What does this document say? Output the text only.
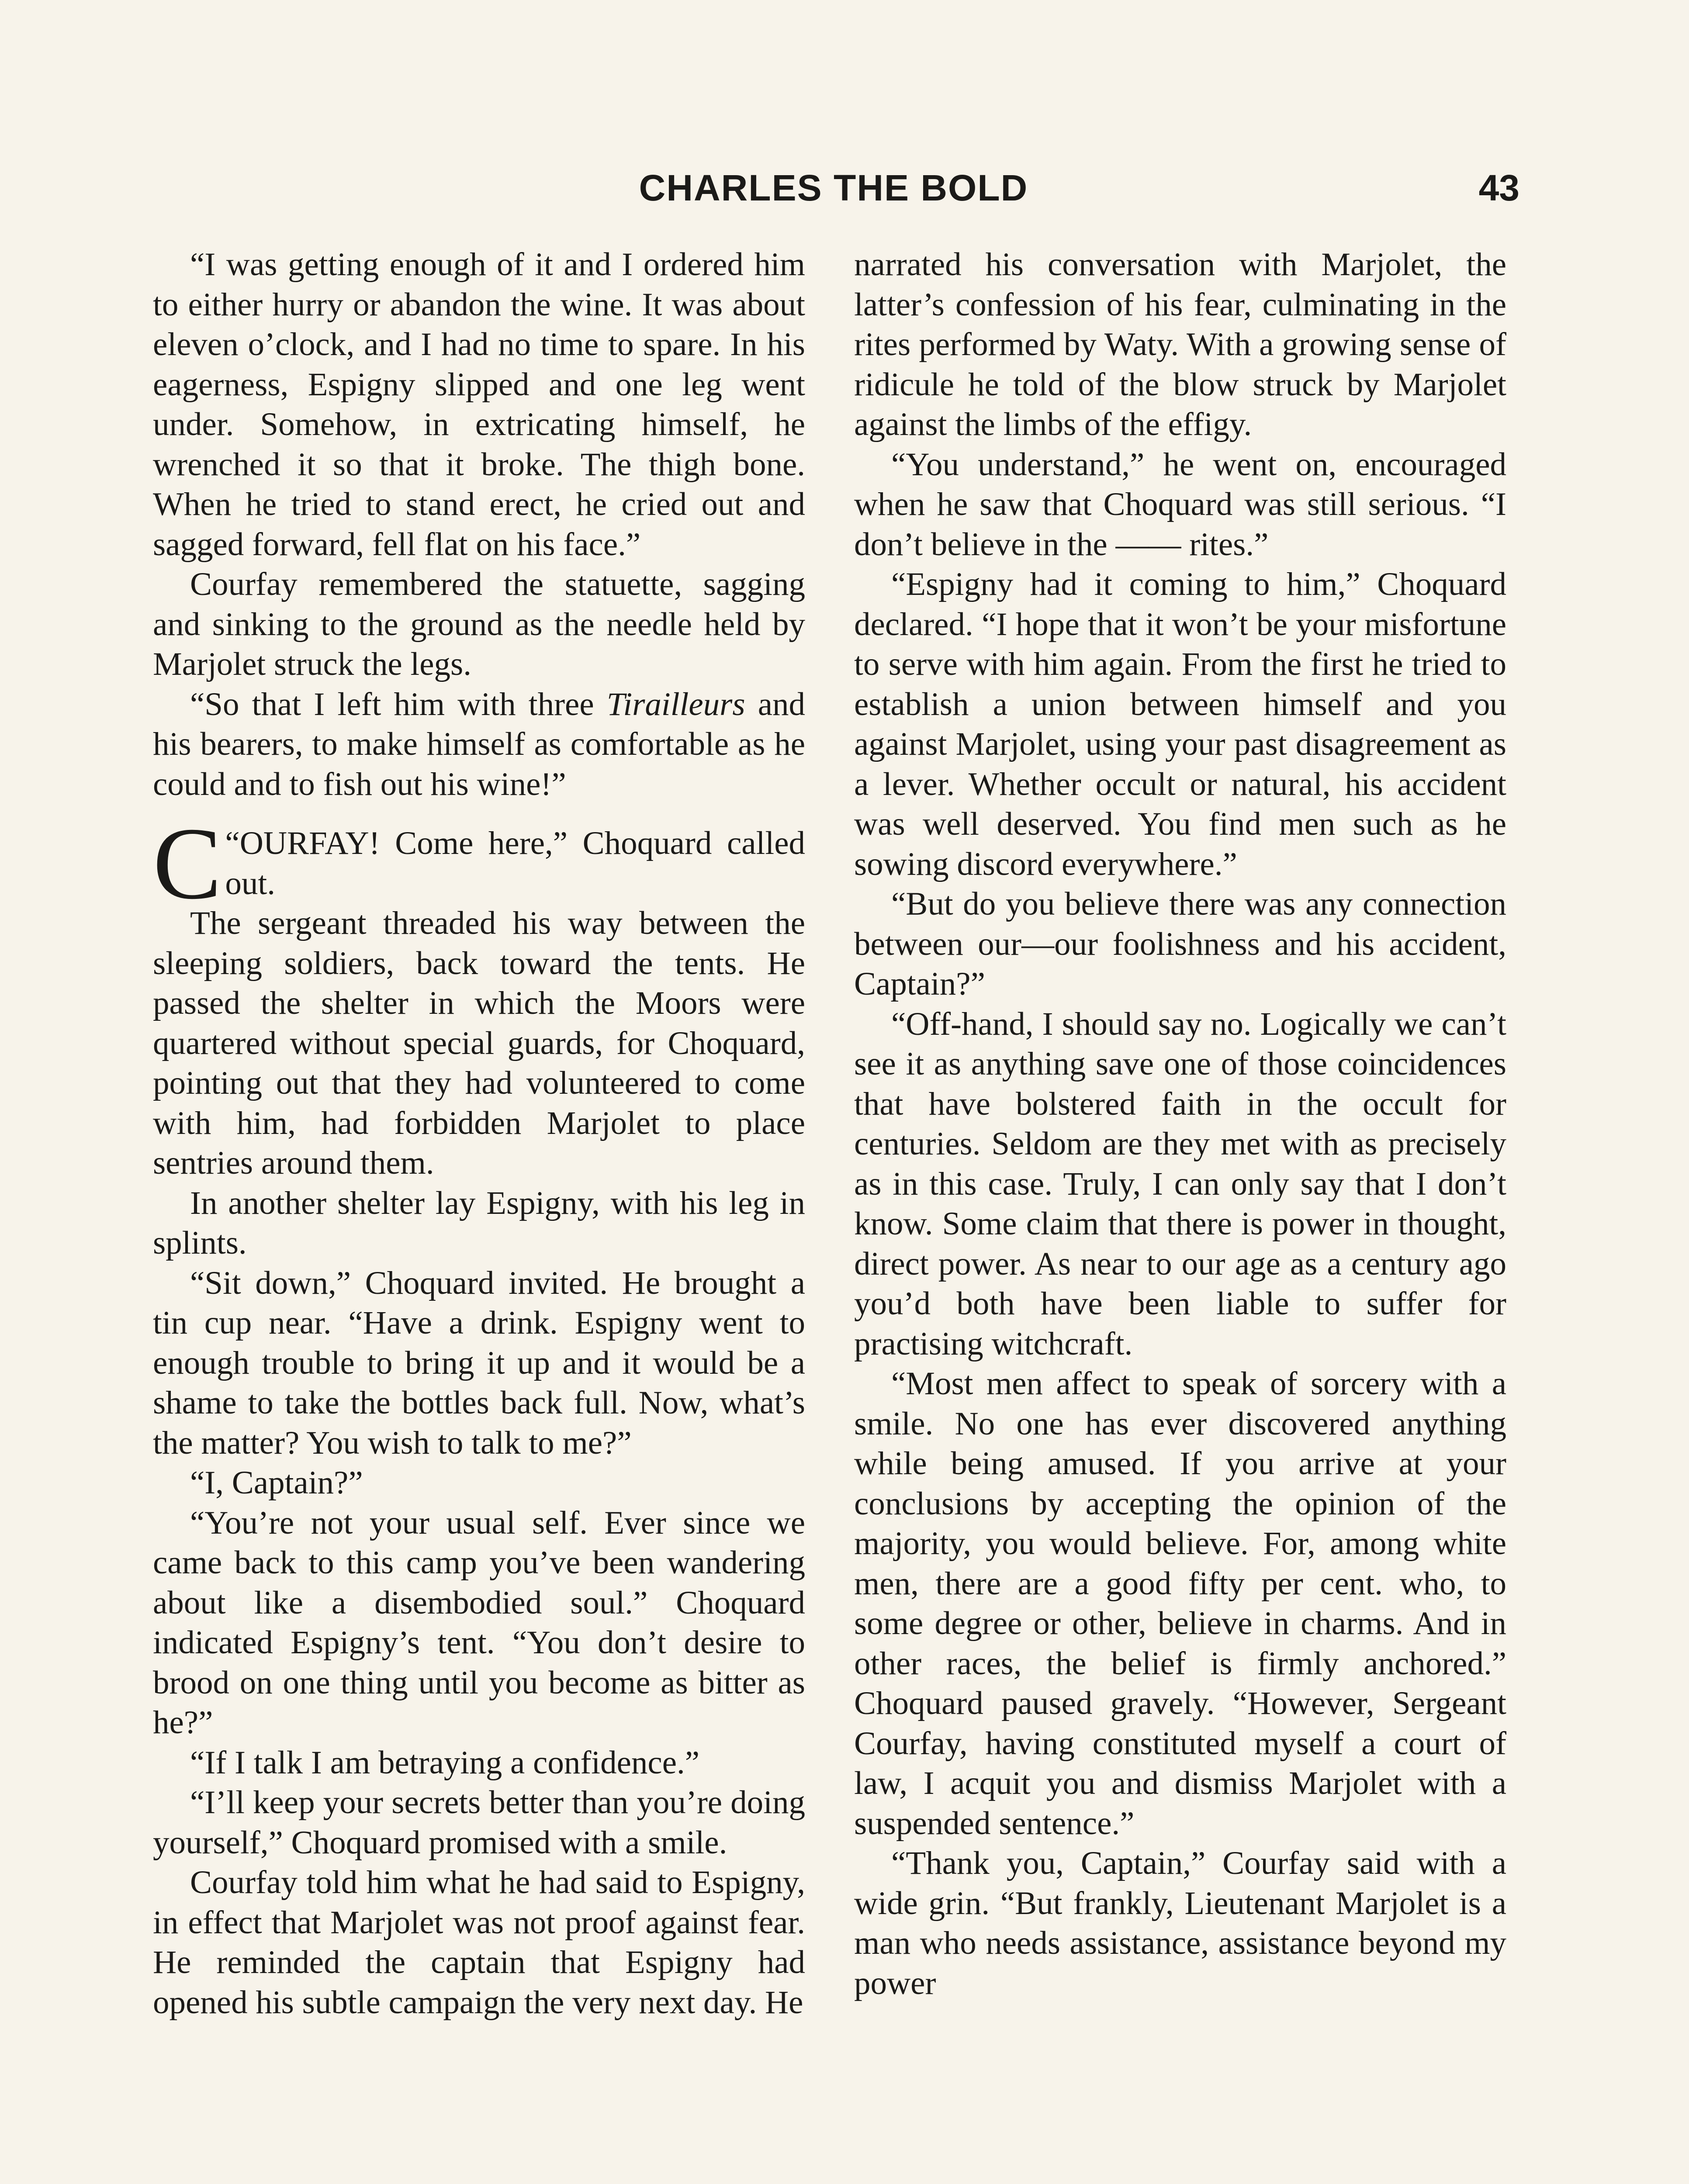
CHARLES THE BOLD	43

“I was getting enough of it and I ordered him to either hurry or abandon the wine. It was about eleven o’clock, and I had no time to spare. In his eagerness, Espigny slipped and one leg went under. Somehow, in extricating himself, he wrenched it so that it broke. The thigh bone. When he tried to stand erect, he cried out and sagged forward, fell flat on his face.”

Courfay remembered the statuette, sagging and sinking to the ground as the needle held by Marjolet struck the legs.

“So that I left him with three Tirailleurs and his bearers, to make himself as comfortable as he could and to fish out his wine!”

“
C OURFAY! Come here,” Choquard called out.

The sergeant threaded his way between the sleeping soldiers, back toward the tents. He passed the shelter in which the Moors were quartered without special guards, for Choquard, pointing out that they had volunteered to come with him, had forbidden Marjolet to place sentries around them.

In another shelter lay Espigny, with his leg in splints.

“Sit down,” Choquard invited. He brought a tin cup near. “Have a drink. Espigny went to enough trouble to bring it up and it would be a shame to take the bottles back full. Now, what’s the matter? You wish to talk to me?”

“I, Captain?”

“You’re not your usual self. Ever since we came back to this camp you’ve been wandering about like a disembodied soul.” Choquard indicated Espigny’s tent. “You don’t desire to brood on one thing until you become as bitter as he?”

“If I talk I am betraying a confidence.”

“I’ll keep your secrets better than you’re doing yourself,” Choquard promised with a smile.

Courfay told him what he had said to Espigny, in effect that Marjolet was not proof against fear. He reminded the captain that Espigny had opened his subtle campaign the very next day. He

narrated his conversation with Marjolet, the latter’s confession of his fear, culminating in the rites performed by Waty. With a growing sense of ridicule he told of the blow struck by Marjolet against the limbs of the effigy.

“You understand,” he went on, encouraged when he saw that Choquard was still serious. “I don’t believe in the —— rites.”

“Espigny had it coming to him,” Choquard declared. “I hope that it won’t be your misfortune to serve with him again. From the first he tried to establish a union between himself and you against Marjolet, using your past disagreement as a lever. Whether occult or natural, his accident was well deserved. You find men such as he sowing discord everywhere.”

“But do you believe there was any connection between our—our foolishness and his accident, Captain?”

“Off-hand, I should say no. Logically we can’t see it as anything save one of those coincidences that have bolstered faith in the occult for centuries. Seldom are they met with as precisely as in this case. Truly, I can only say that I don’t know. Some claim that there is power in thought, direct power. As near to our age as a century ago you’d both have been liable to suffer for practising witchcraft.

“Most men affect to speak of sorcery with a smile. No one has ever discovered anything while being amused. If you arrive at your conclusions by accepting the opinion of the majority, you would believe. For, among white men, there are a good fifty per cent. who, to some degree or other, believe in charms. And in other races, the belief is firmly anchored.” Choquard paused gravely. “However, Sergeant Courfay, having constituted myself a court of law, I acquit you and dismiss Marjolet with a suspended sentence.”

“Thank you, Captain,” Courfay said with a wide grin. “But frankly, Lieutenant Marjolet is a man who needs assistance, assistance beyond my power
